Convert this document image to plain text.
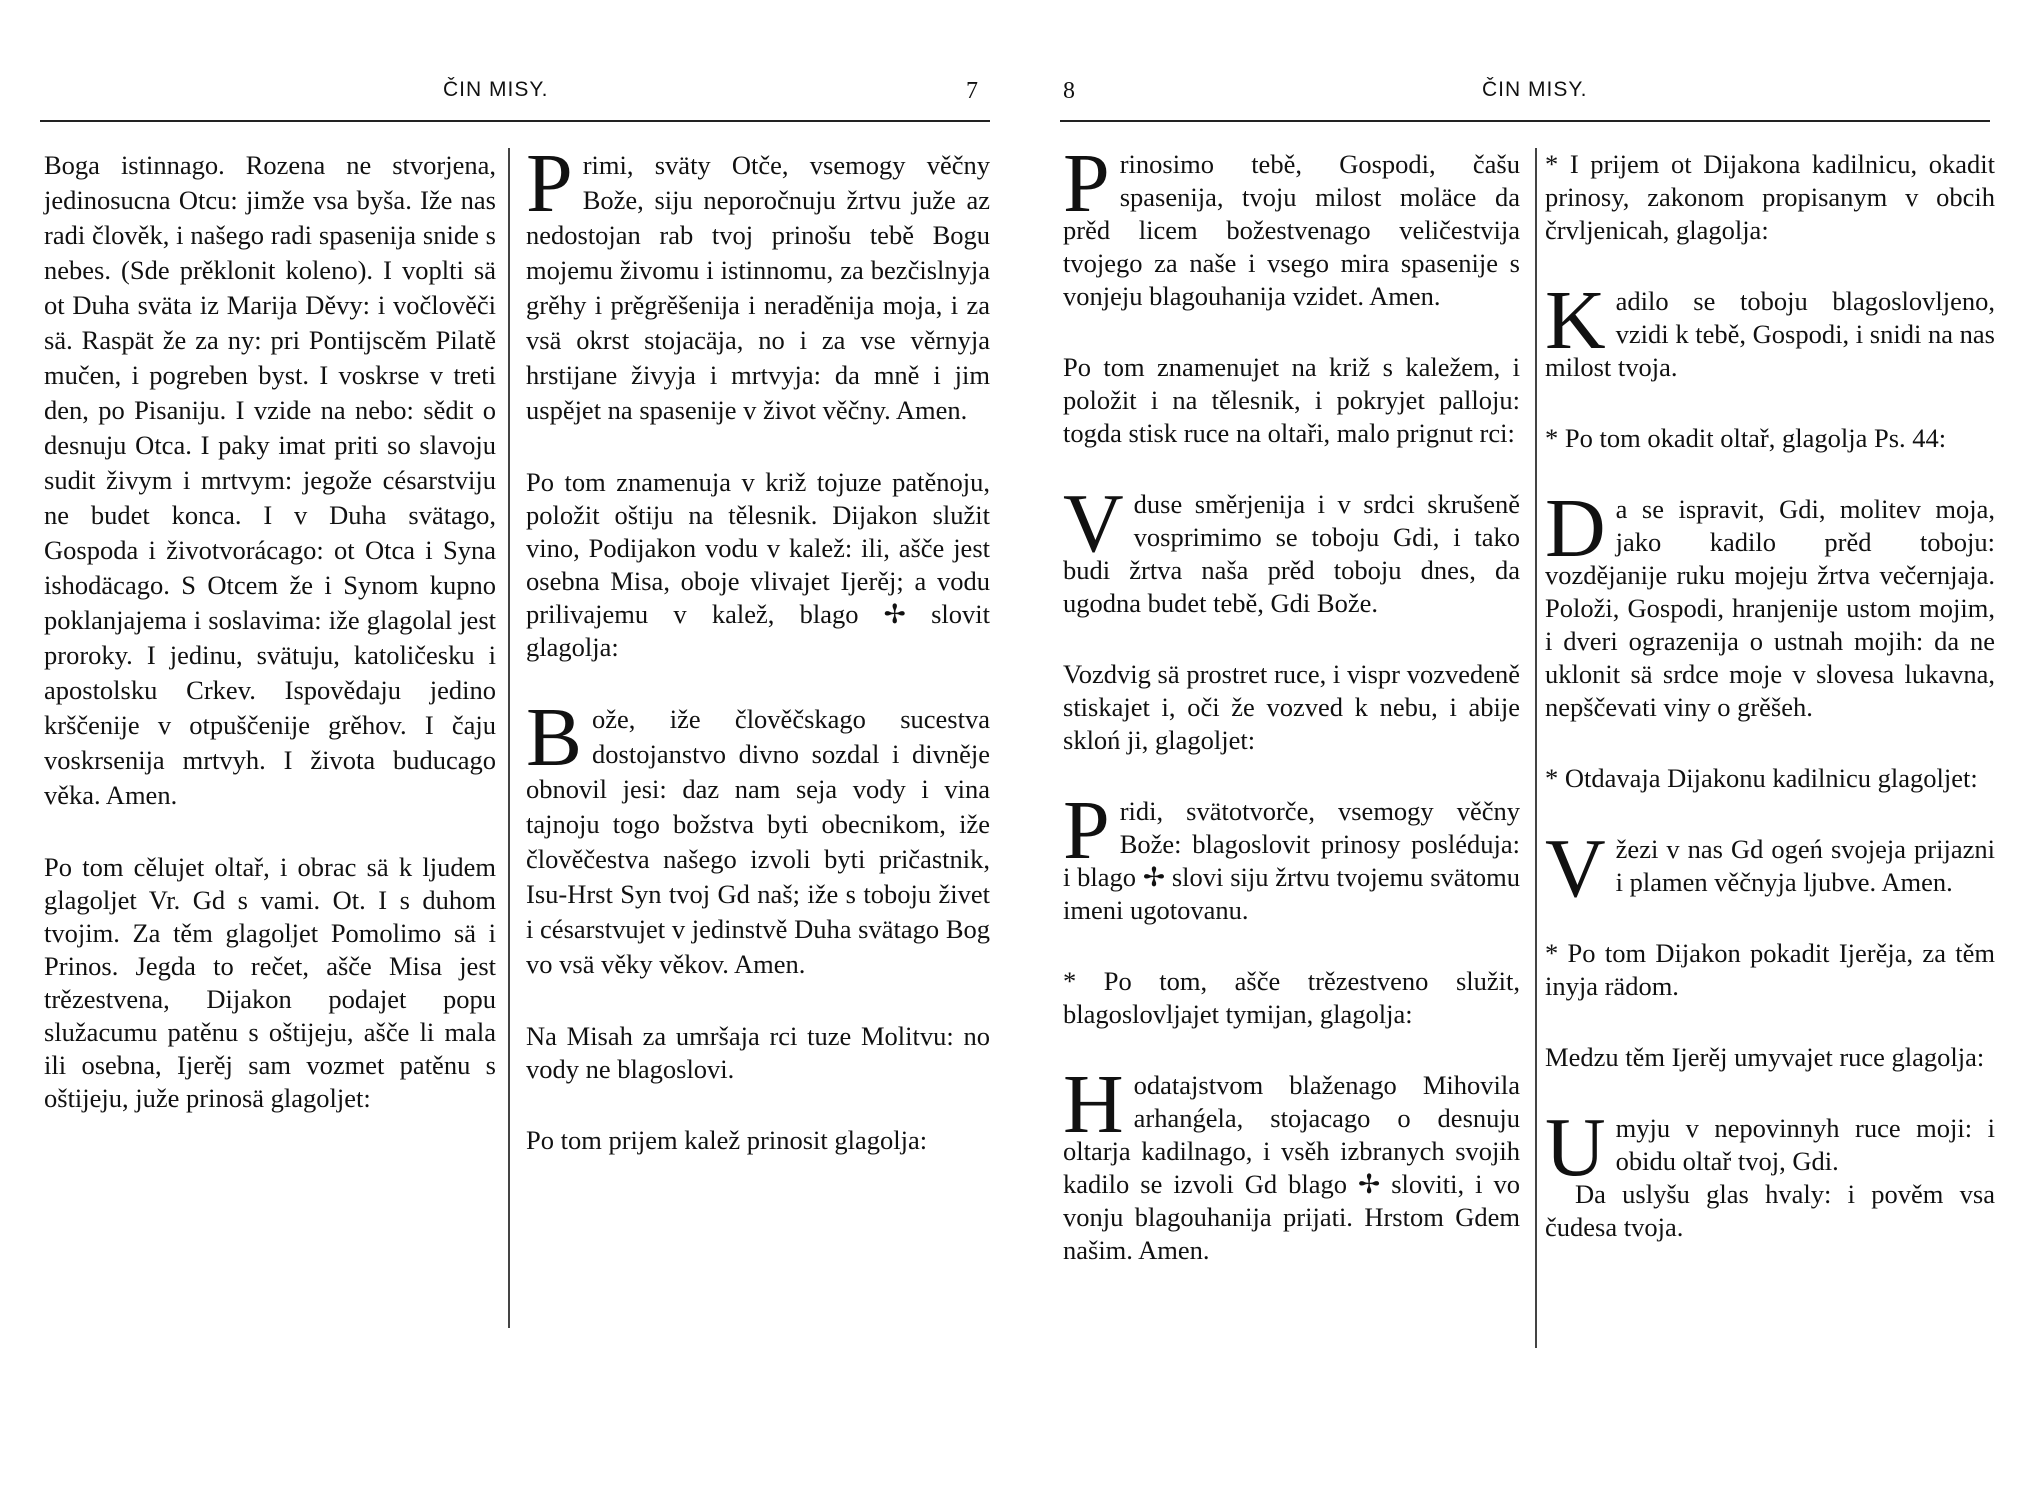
ČIN MISY.	7

Boga istinnago. Rozena ne stvorjena, jedinosucna Otcu: jimže vsa byša. Iže nas radi člověk, i našego radi spasenija snide s nebes. (Sde prěklonit koleno). I voplti sä ot Duha sväta iz Marija Děvy: i vočlověči sä. Raspät že za ny: pri Pontijscěm Pilatě mučen, i pogreben byst. I voskrse v treti den, po Pisaniju. I vzide na nebo: sědit o desnuju Otca. I paky imat priti so slavoju sudit živym i mrtvym: jegože césarstviju ne budet konca. I v Duha svätago, Gospoda i životvorácago: ot Otca i Syna ishodäcago. S Otcem že i Synom kupno poklanjajema i soslavima: iže glagolal jest proroky. I jedinu, svätuju, katoličesku i apostolsku Crkev. Ispovědaju jedino krščenije v otpuščenije grěhov. I čaju voskrsenija mrtvyh. I života buducago věka. Amen.

Po tom cělujet oltař, i obrac sä k ljudem glagoljet Vr. Gd s vami. Ot. I s duhom tvojim. Za těm glagoljet Pomolimo sä i Prinos. Jegda to rečet, ašče Misa jest trězestvena, Dijakon podajet popu služacumu patěnu s oštijeju, ašče li mala ili osebna, Ijerěj sam vozmet patěnu s oštijeju, juže prinosä glagoljet:

P rimi, sväty Otče, vsemogy věčny Bože, siju neporočnuju žrtvu juže az nedostojan rab tvoj prinošu tebě Bogu mojemu živomu i istinnomu, za bezčislnyja grěhy i prěgrěšenija i neraděnija moja, i za vsä okrst stojacäja, no i za vse věrnyja hrstijane živyja i mrtvyja: da mně i jim uspějet na spasenije v život věčny. Amen.

Po tom znamenuja v križ tojuze patěnoju, položit oštiju na tělesnik. Dijakon služit vino, Podijakon vodu v kalež: ili, ašče jest osebna Misa, oboje vlivajet Ijerěj; a vodu prilivajemu v kalež, blago ✢ slovit glagolja:

B ože, iže člověčskago sucestva dostojanstvo divno sozdal i divněje obnovil jesi: daz nam seja vody i vina tajnoju togo božstva byti obecnikom, iže člověčestva našego izvoli byti pričastnik, Isu-Hrst Syn tvoj Gd naš; iže s toboju živet i césarstvujet v jedinstvě Duha svätago Bog vo vsä věky věkov. Amen.

Na Misah za umršaja rci tuze Molitvu: no vody ne blagoslovi.

Po tom prijem kalež prinosit glagolja:

8	ČIN MISY.

P rinosimo tebě, Gospodi, čašu spasenija, tvoju milost moläce da prěd licem božestvenago veličestvija tvojego za naše i vsego mira spasenije s vonjeju blagouhanija vzidet. Amen.

Po tom znamenujet na križ s kaležem, i položit i na tělesnik, i pokryjet palloju: togda stisk ruce na oltaři, malo prignut rci:

V duse směrjenija i v srdci skrušeně vosprimimo se toboju Gdi, i tako budi žrtva naša prěd toboju dnes, da ugodna budet tebě, Gdi Bože.

Vozdvig sä prostret ruce, i vispr vozvedeně stiskajet i, oči že vozved k nebu, i abije skloń ji, glagoljet:

P ridi, svätotvorče, vsemogy věčny Bože: blagoslovit prinosy posléduja: i blago ✢ slovi siju žrtvu tvojemu svätomu imeni ugotovanu.

* Po tom, ašče trězestveno služit, blagoslovljajet tymijan, glagolja:

H odatajstvom blaženago Mihovila arhanǵela, stojacago o desnuju oltarja kadilnago, i vsěh izbranych svojih kadilo se izvoli Gd blago ✢ sloviti, i vo vonju blagouhanija prijati. Hrstom Gdem našim. Amen.

* I prijem ot Dijakona kadilnicu, okadit prinosy, zakonom propisanym v obcih črvljenicah, glagolja:

K adilo se toboju blagoslovljeno, vzidi k tebě, Gospodi, i snidi na nas milost tvoja.

* Po tom okadit oltař, glagolja Ps. 44:

D a se ispravit, Gdi, molitev moja, jako kadilo prěd toboju: vozdějanije ruku mojeju žrtva večernjaja. Položi, Gospodi, hranjenije ustom mojim, i dveri ograzenija o ustnah mojih: da ne uklonit sä srdce moje v slovesa lukavna, nepščevati viny o grěšeh.

* Otdavaja Dijakonu kadilnicu glagoljet:

V žezi v nas Gd ogeń svojeja prijazni i plamen věčnyja ljubve. Amen.

* Po tom Dijakon pokadit Ijerěja, za těm inyja rädom.

Medzu těm Ijerěj umyvajet ruce glagolja:

U myju v nepovinnyh ruce moji: i obidu oltař tvoj, Gdi.

Da uslyšu glas hvaly: i pověm vsa čudesa tvoja.
